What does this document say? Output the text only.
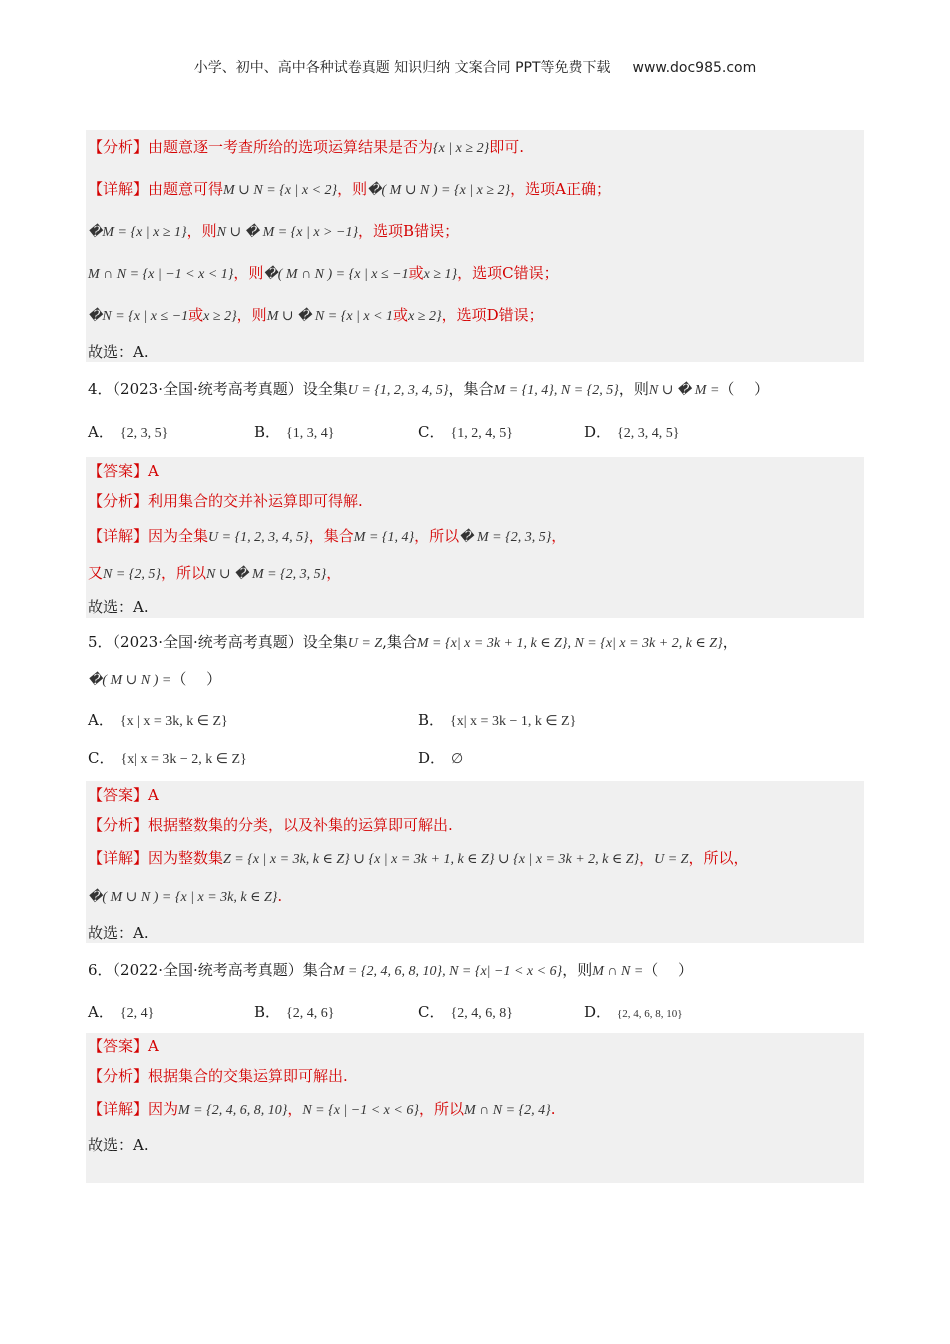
小学、初中、高中各种试卷真题 知识归纳 文案合同 PPT等免费下载 www.doc985.com
【分析】由题意逐一考查所给的选项运算结果是否为{x | x ≥ 2}即可.
【详解】由题意可得M ∪ N = {x | x < 2}，则�( M ∪ N ) = {x | x ≥ 2}，选项A正确；
�M = {x | x ≥ 1}，则N ∪ � M = {x | x > −1}，选项B错误；
M ∩ N = {x | −1 < x < 1}，则�( M ∩ N ) = {x | x ≤ −1或x ≥ 1}，选项C错误；
�N = {x | x ≤ −1或x ≥ 2}，则M ∪ � N = {x | x < 1或x ≥ 2}，选项D错误；
故选：A.
4．（2023·全国·统考高考真题）设全集U = {1, 2, 3, 4, 5}，集合M = {1, 4}, N = {2, 5}，则N ∪ � M =（　 ）
A． {2, 3, 5}	B． {1, 3, 4}	C． {1, 2, 4, 5}	D． {2, 3, 4, 5}
【答案】A
【分析】利用集合的交并补运算即可得解.
【详解】因为全集U = {1, 2, 3, 4, 5}，集合M = {1, 4}，所以� M = {2, 3, 5}，
又N = {2, 5}，所以N ∪ � M = {2, 3, 5}，
故选：A.
5．（2023·全国·统考高考真题）设全集U = Z,集合M = {x| x = 3k + 1, k ∈ Z}, N = {x| x = 3k + 2, k ∈ Z}，
�( M ∪ N ) =（　 ）
A． {x | x = 3k, k ∈ Z}	B． {x| x = 3k − 1, k ∈ Z}
C． {x| x = 3k − 2, k ∈ Z}	D． ∅
【答案】A
【分析】根据整数集的分类，以及补集的运算即可解出.
【详解】因为整数集Z = {x | x = 3k, k ∈ Z} ∪ {x | x = 3k + 1, k ∈ Z} ∪ {x | x = 3k + 2, k ∈ Z}，U = Z，所以，
�( M ∪ N ) = {x | x = 3k, k ∈ Z}.
故选：A.
6．（2022·全国·统考高考真题）集合M = {2, 4, 6, 8, 10}, N = {x| −1 < x < 6}，则M ∩ N =（　 ）
A． {2, 4}	B． {2, 4, 6}	C． {2, 4, 6, 8}	D． {2, 4, 6, 8, 10}
【答案】A
【分析】根据集合的交集运算即可解出.
【详解】因为M = {2, 4, 6, 8, 10}，N = {x | −1 < x < 6}，所以M ∩ N = {2, 4}.
故选：A.
